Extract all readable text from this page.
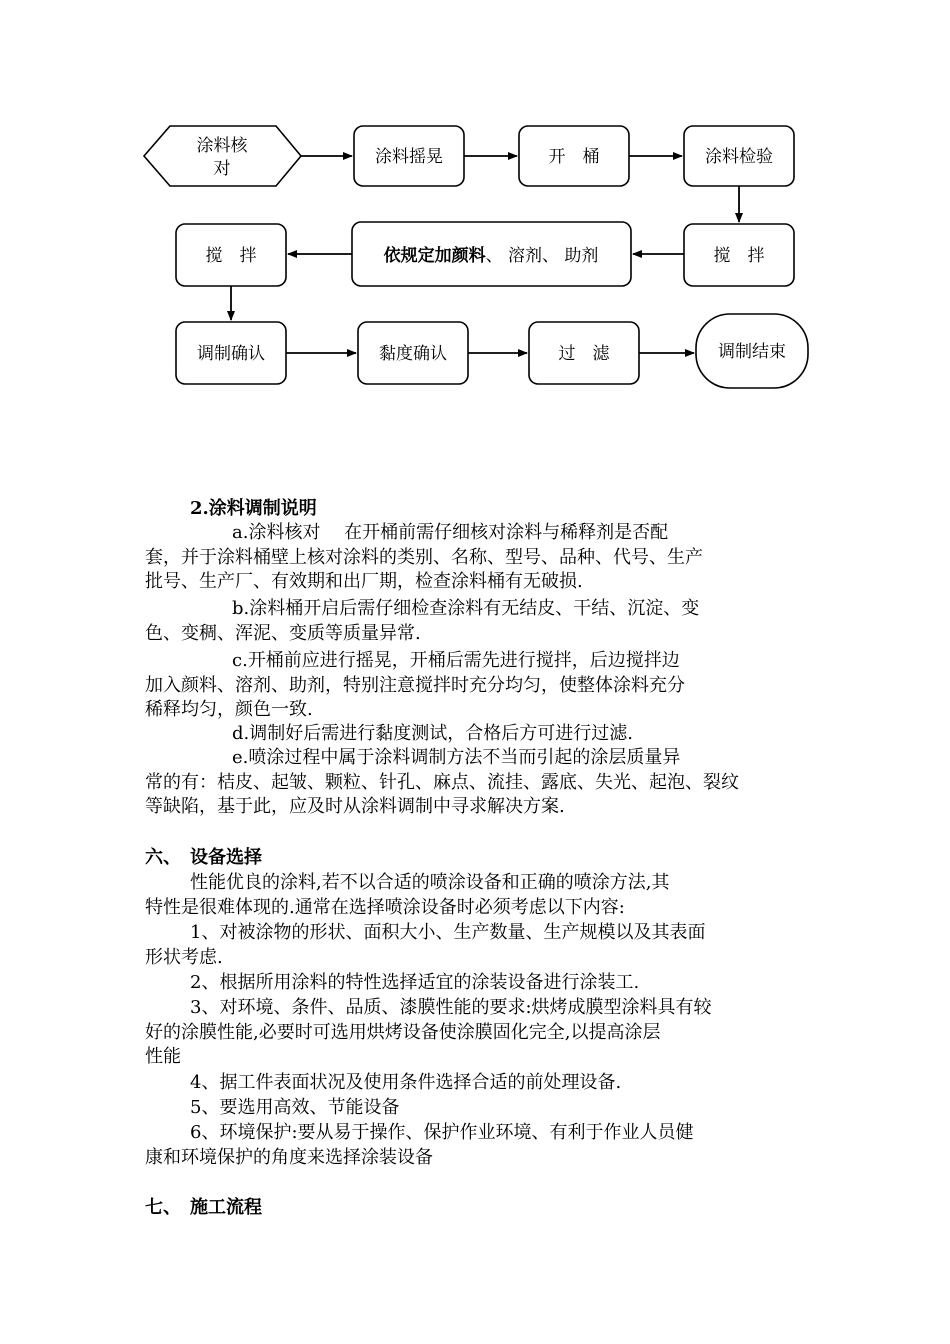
涂料核
对
涂料摇晃	开　桶	涂料检验
搅　拌	依规定加颜料、 溶剂、 助剂	搅　拌
调制确认	黏度确认	过　滤	调制结束

2.涂料调制说明

a.涂料核对　 在开桶前需仔细核对涂料与稀释剂是否配
套，并于涂料桶壁上核对涂料的类别、名称、型号、品种、代号、生产
批号、生产厂、有效期和出厂期，检查涂料桶有无破损.

b.涂料桶开启后需仔细检查涂料有无结皮、干结、沉淀、变
色、变稠、浑泥、变质等质量异常.

c.开桶前应进行摇晃，开桶后需先进行搅拌，后边搅拌边
加入颜料、溶剂、助剂，特别注意搅拌时充分均匀，使整体涂料充分
稀释均匀，颜色一致.

d.调制好后需进行黏度测试，合格后方可进行过滤.

e.喷涂过程中属于涂料调制方法不当而引起的涂层质量异
常的有：桔皮、起皱、颗粒、针孔、麻点、流挂、露底、失光、起泡、裂纹
等缺陷，基于此，应及时从涂料调制中寻求解决方案.

六、　设备选择

性能优良的涂料,若不以合适的喷涂设备和正确的喷涂方法,其
特性是很难体现的.通常在选择喷涂设备时必须考虑以下内容:

1、对被涂物的形状、面积大小、生产数量、生产规模以及其表面
形状考虑.

2、根据所用涂料的特性选择适宜的涂装设备进行涂装工.

3、对环境、条件、品质、漆膜性能的要求:烘烤成膜型涂料具有较
好的涂膜性能,必要时可选用烘烤设备使涂膜固化完全,以提高涂层
性能

4、据工件表面状况及使用条件选择合适的前处理设备.

5、要选用高效、节能设备

6、环境保护:要从易于操作、保护作业环境、有利于作业人员健
康和环境保护的角度来选择涂装设备

七、　施工流程
